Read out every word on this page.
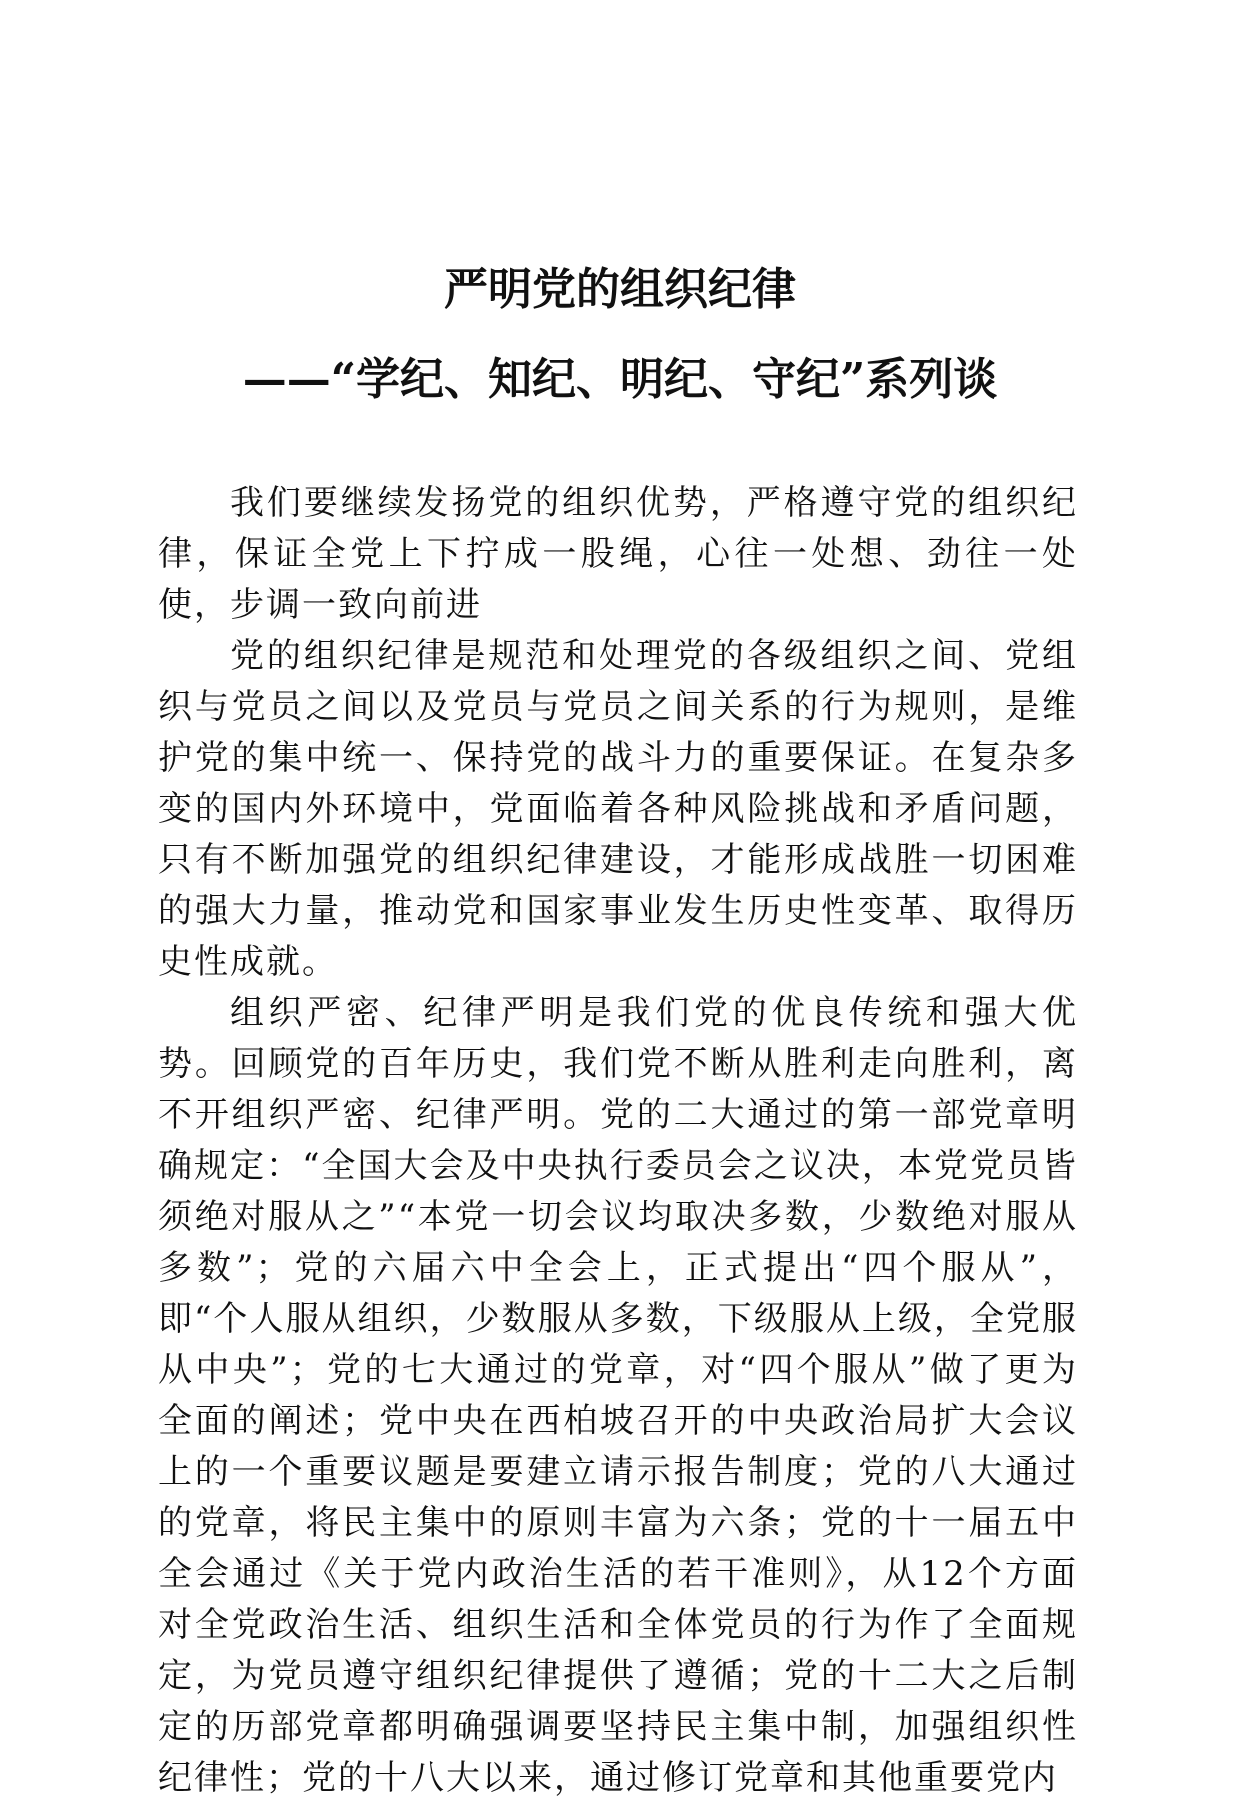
严明党的组织纪律
——“学纪、知纪、明纪、守纪”系列谈

我们要继续发扬党的组织优势，严格遵守党的组织纪律，保证全党上下拧成一股绳，心往一处想、劲往一处使，步调一致向前进

党的组织纪律是规范和处理党的各级组织之间、党组织与党员之间以及党员与党员之间关系的行为规则，是维护党的集中统一、保持党的战斗力的重要保证。在复杂多变的国内外环境中，党面临着各种风险挑战和矛盾问题，只有不断加强党的组织纪律建设，才能形成战胜一切困难的强大力量，推动党和国家事业发生历史性变革、取得历史性成就。

组织严密、纪律严明是我们党的优良传统和强大优势。回顾党的百年历史，我们党不断从胜利走向胜利，离不开组织严密、纪律严明。党的二大通过的第一部党章明确规定：“全国大会及中央执行委员会之议决，本党党员皆须绝对服从之”“本党一切会议均取决多数，少数绝对服从多数”；党的六届六中全会上，正式提出“四个服从”，即“个人服从组织，少数服从多数，下级服从上级，全党服从中央”；党的七大通过的党章，对“四个服从”做了更为全面的阐述；党中央在西柏坡召开的中央政治局扩大会议上的一个重要议题是要建立请示报告制度；党的八大通过的党章，将民主集中的原则丰富为六条；党的十一届五中全会通过《关于党内政治生活的若干准则》，从12个方面对全党政治生活、组织生活和全体党员的行为作了全面规定，为党员遵守组织纪律提供了遵循；党的十二大之后制定的历部党章都明确强调要坚持民主集中制，加强组织性纪律性；党的十八大以来，通过修订党章和其他重要党内
